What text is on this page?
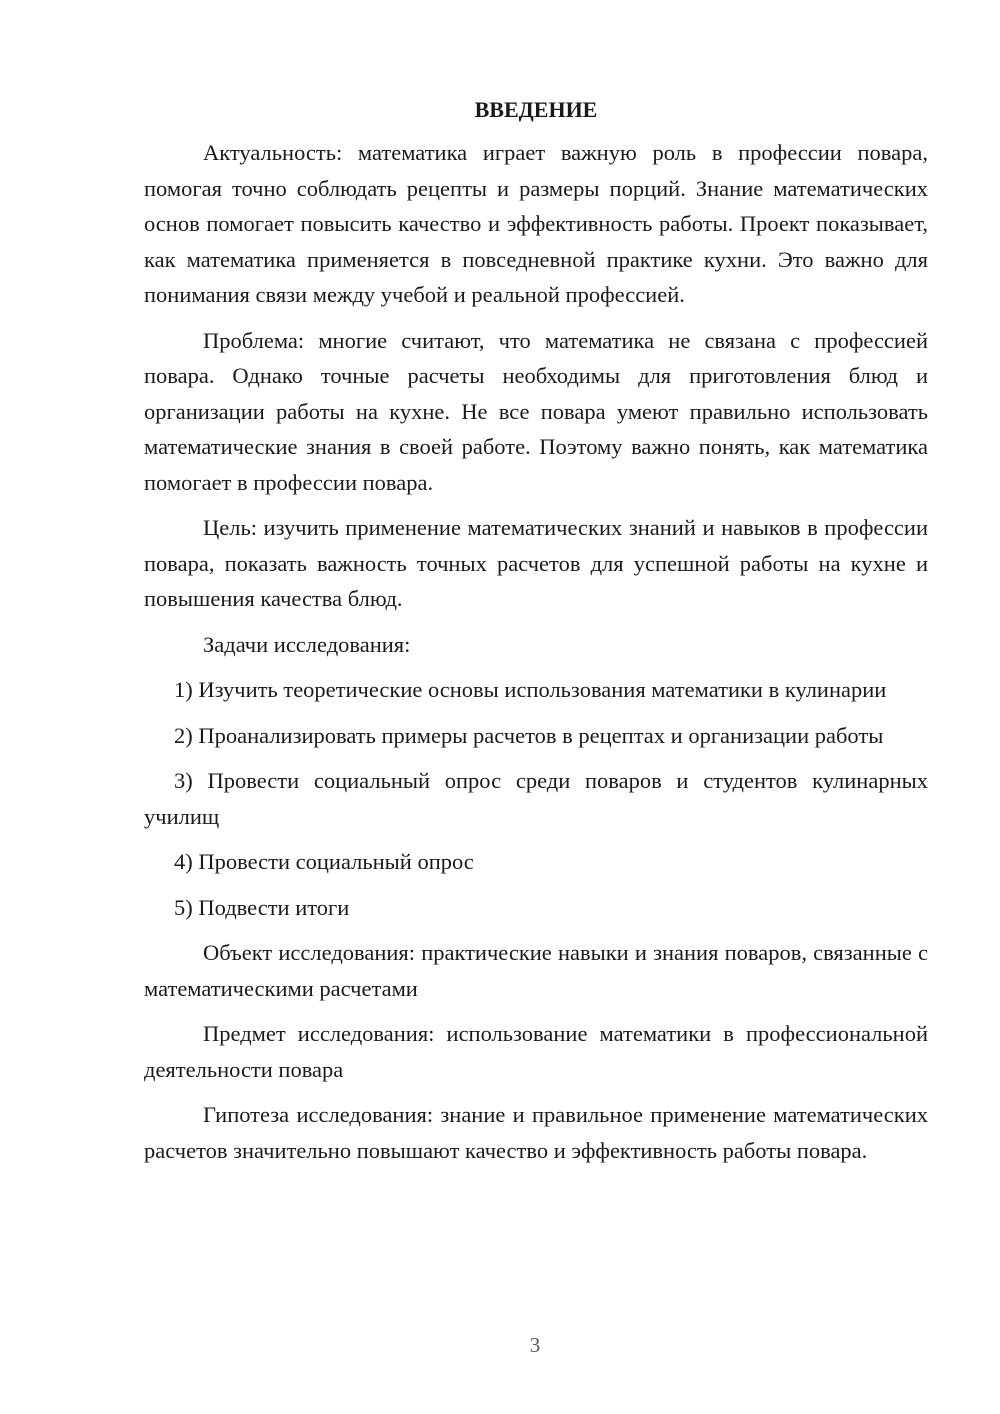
ВВЕДЕНИЕ

Актуальность: математика играет важную роль в профессии повара, помогая точно соблюдать рецепты и размеры порций. Знание математических основ помогает повысить качество и эффективность работы. Проект показывает, как математика применяется в повседневной практике кухни. Это важно для понимания связи между учебой и реальной профессией.

Проблема: многие считают, что математика не связана с профессией повара. Однако точные расчеты необходимы для приготовления блюд и организации работы на кухне. Не все повара умеют правильно использовать математические знания в своей работе. Поэтому важно понять, как математика помогает в профессии повара.

Цель: изучить применение математических знаний и навыков в профессии повара, показать важность точных расчетов для успешной работы на кухне и повышения качества блюд.

Задачи исследования:

1) Изучить теоретические основы использования математики в кулинарии

2) Проанализировать примеры расчетов в рецептах и организации работы

3) Провести социальный опрос среди поваров и студентов кулинарных училищ

4) Провести социальный опрос

5) Подвести итоги

Объект исследования: практические навыки и знания поваров, связанные с математическими расчетами

Предмет исследования: использование математики в профессиональной деятельности повара

Гипотеза исследования: знание и правильное применение математических расчетов значительно повышают качество и эффективность работы повара.

3
